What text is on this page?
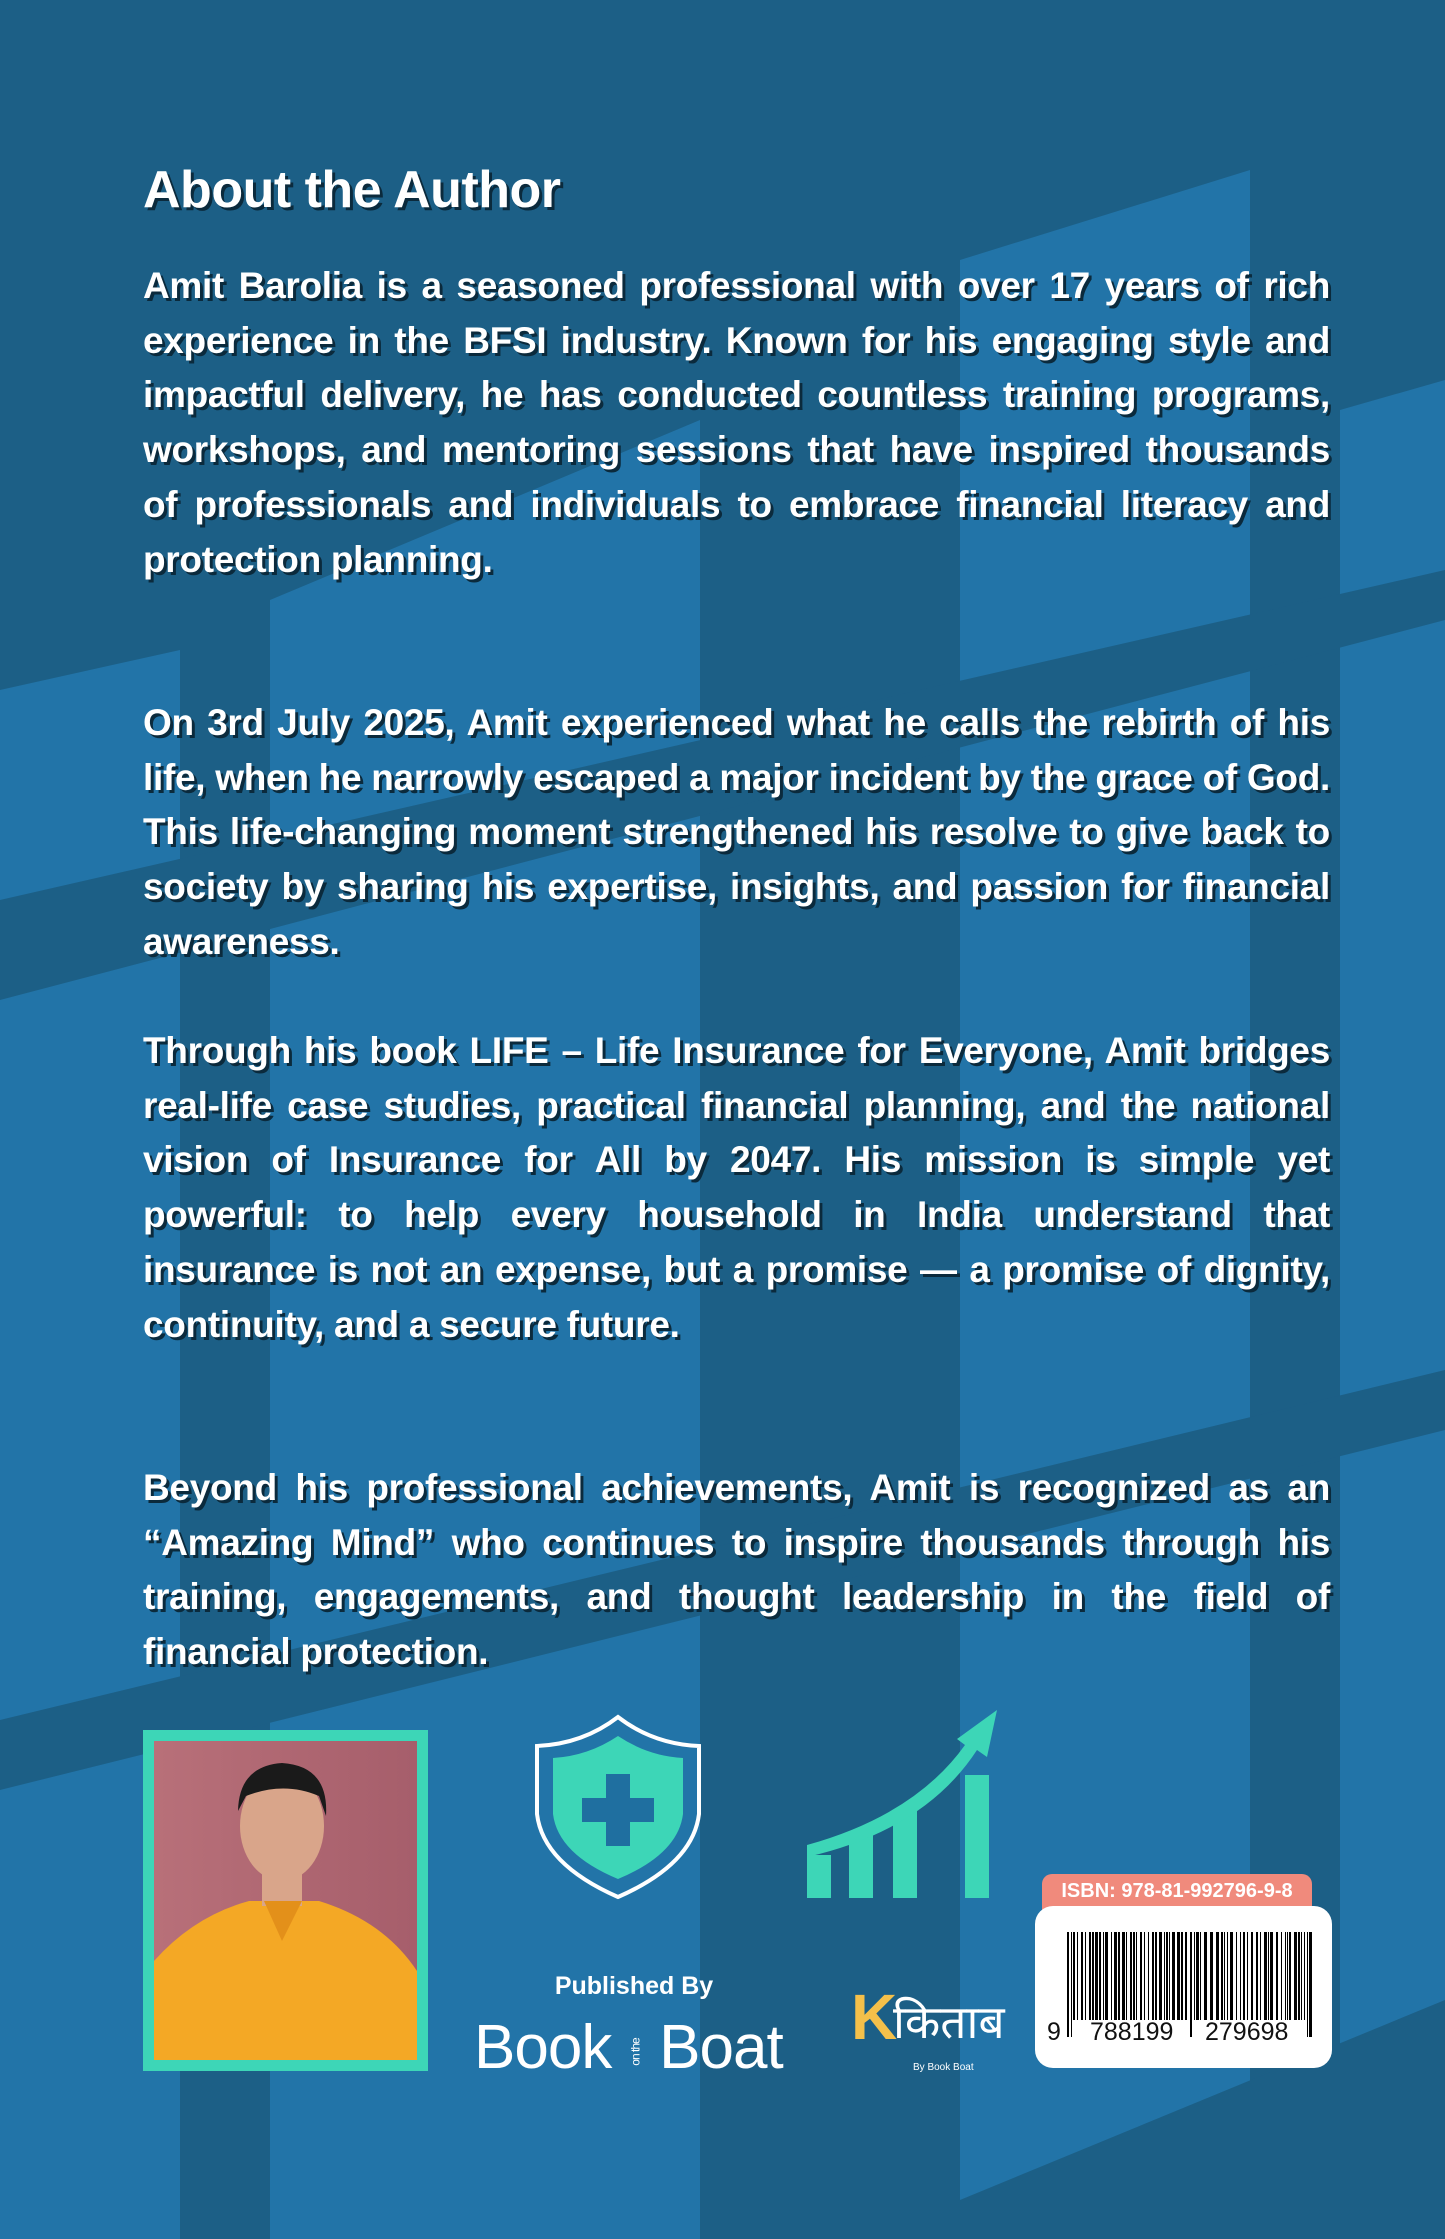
About the Author

Amit Barolia is a seasoned professional with over 17 years of rich experience in the BFSI industry. Known for his engaging style and impactful delivery, he has conducted countless training programs, workshops, and mentoring sessions that have inspired thousands of professionals and individuals to embrace financial literacy and protection planning.

On 3rd July 2025, Amit experienced what he calls the rebirth of his life, when he narrowly escaped a major incident by the grace of God. This life-changing moment strengthened his resolve to give back to society by sharing his expertise, insights, and passion for financial awareness.

Through his book LIFE – Life Insurance for Everyone, Amit bridges real-life case studies, practical financial planning, and the national vision of Insurance for All by 2047. His mission is simple yet powerful: to help every household in India understand that insurance is not an expense, but a promise — a promise of dignity, continuity, and a secure future.

Beyond his professional achievements, Amit is recognized as an “Amazing Mind” who continues to inspire thousands through his training, engagements, and thought leadership in the field of financial protection.

Published By
Book on the Boat K
किताब
By Book Boat
ISBN: 978-81-992796-9-8
9 788199 279698
